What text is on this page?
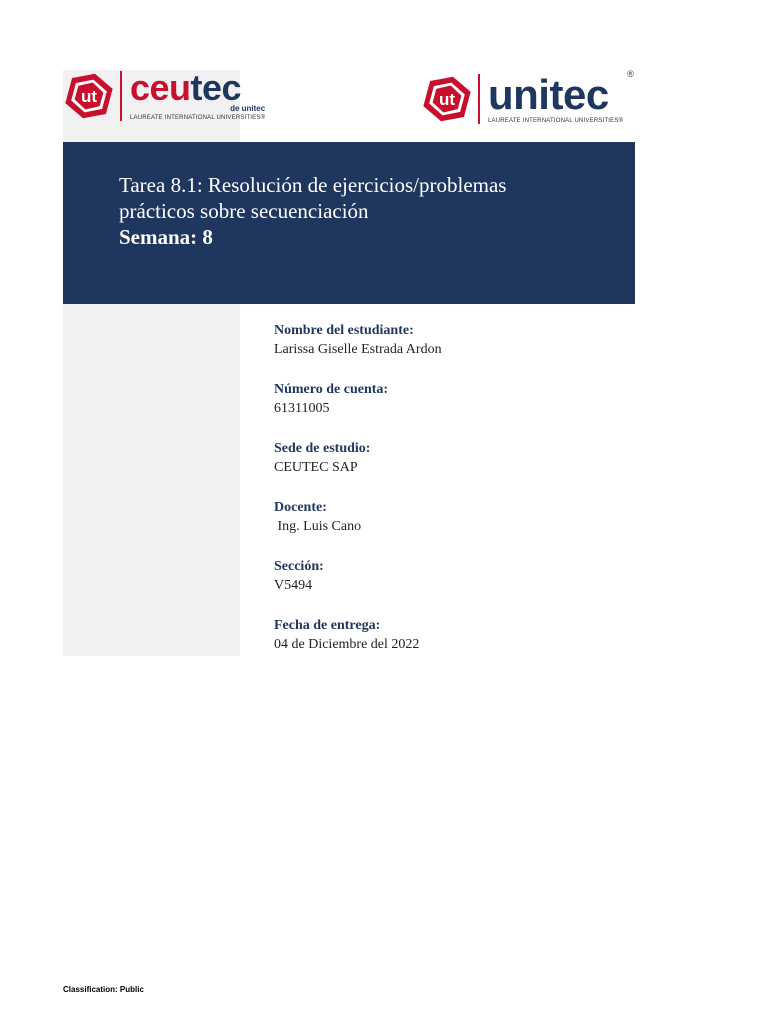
ut ceutec
de unitec
LAUREATE INTERNATIONAL UNIVERSITIES®
ut unitec ®
LAUREATE INTERNATIONAL UNIVERSITIES®
Tarea 8.1: Resolución de ejercicios/problemas
prácticos sobre secuenciación
Semana: 8
Nombre del estudiante:
Larissa Giselle Estrada Ardon
Número de cuenta:
61311005
Sede de estudio:
CEUTEC SAP
Docente:
Ing. Luis Cano
Sección:
V5494
Fecha de entrega:
04 de Diciembre del 2022
Classification: Public
